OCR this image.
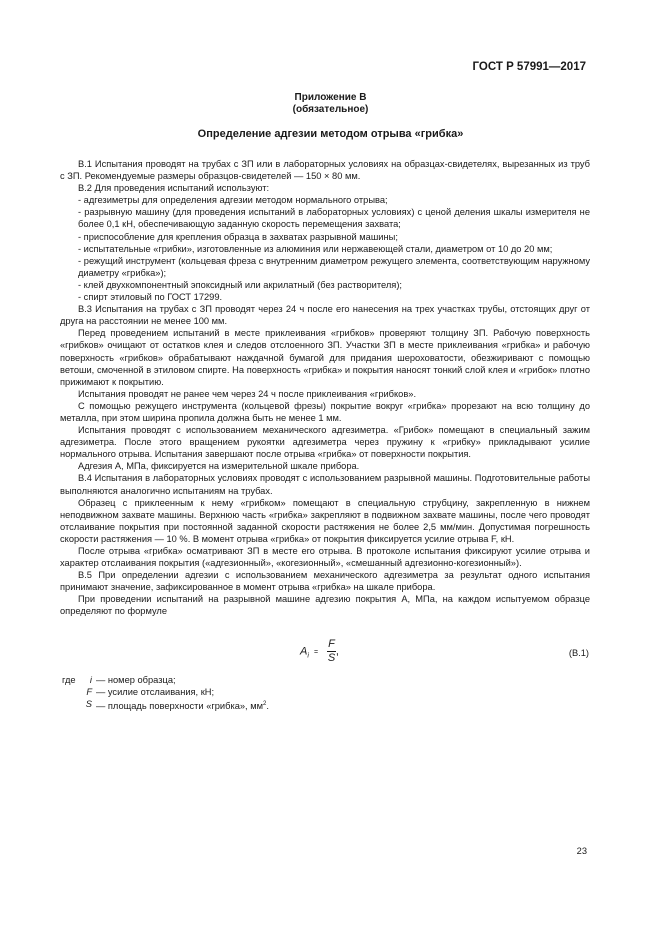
ГОСТ Р 57991—2017
Приложение В
(обязательное)
Определение адгезии методом отрыва «грибка»

В.1 Испытания проводят на трубах с ЗП или в лабораторных условиях на образцах-свидетелях, вырезанных из труб с ЗП. Рекомендуемые размеры образцов-свидетелей — 150 × 80 мм.

В.2 Для проведения испытаний используют:

- адгезиметры для определения адгезии методом нормального отрыва;

- разрывную машину (для проведения испытаний в лабораторных условиях) с ценой деления шкалы измерителя не более 0,1 кН, обеспечивающую заданную скорость перемещения захвата;

- приспособление для крепления образца в захватах разрывной машины;

- испытательные «грибки», изготовленные из алюминия или нержавеющей стали, диаметром от 10 до 20 мм;

- режущий инструмент (кольцевая фреза с внутренним диаметром режущего элемента, соответствующим наружному диаметру «грибка»);

- клей двухкомпонентный эпоксидный или акрилатный (без растворителя);

- спирт этиловый по ГОСТ 17299.

В.3 Испытания на трубах с ЗП проводят через 24 ч после его нанесения на трех участках трубы, отстоящих друг от друга на расстоянии не менее 100 мм.

Перед проведением испытаний в месте приклеивания «грибков» проверяют толщину ЗП. Рабочую поверхность «грибков» очищают от остатков клея и следов отслоенного ЗП. Участки ЗП в месте приклеивания «грибка» и рабочую поверхность «грибков» обрабатывают наждачной бумагой для придания шероховатости, обезжиривают с помощью ветоши, смоченной в этиловом спирте. На поверхность «грибка» и покрытия наносят тонкий слой клея и «грибок» плотно прижимают к покрытию.

Испытания проводят не ранее чем через 24 ч после приклеивания «грибков».

С помощью режущего инструмента (кольцевой фрезы) покрытие вокруг «грибка» прорезают на всю толщину до металла, при этом ширина пропила должна быть не менее 1 мм.

Испытания проводят с использованием механического адгезиметра. «Грибок» помещают в специальный зажим адгезиметра. После этого вращением рукоятки адгезиметра через пружину к «грибку» прикладывают усилие нормального отрыва. Испытания завершают после отрыва «грибка» от поверхности покрытия.

Адгезия А, МПа, фиксируется на измерительной шкале прибора.

В.4 Испытания в лабораторных условиях проводят с использованием разрывной машины. Подготовительные работы выполняются аналогично испытаниям на трубах.

Образец с приклеенным к нему «грибком» помещают в специальную струбцину, закрепленную в нижнем неподвижном захвате машины. Верхнюю часть «грибка» закрепляют в подвижном захвате машины, после чего проводят отслаивание покрытия при постоянной заданной скорости растяжения не более 2,5 мм/мин. Допустимая погрешность скорости растяжения — 10 %. В момент отрыва «грибка» от покрытия фиксируется усилие отрыва F, кН.

После отрыва «грибка» осматривают ЗП в месте его отрыва. В протоколе испытания фиксируют усилие отрыва и характер отслаивания покрытия («адгезионный», «когезионный», «смешанный адгезионно-когезионный»).

В.5 При определении адгезии с использованием механического адгезиметра за результат одного испытания принимают значение, зафиксированное в момент отрыва «грибка» на шкале прибора.

При проведении испытаний на разрывной машине адгезию покрытия А, МПа, на каждом испытуемом образце определяют по формуле

$A_i = \frac{F}{S}$ ,	(В.1)
где	i — номер образца;
F — усилие отслаивания, кН;
S — площадь поверхности «грибка», $мм^2$.
23
